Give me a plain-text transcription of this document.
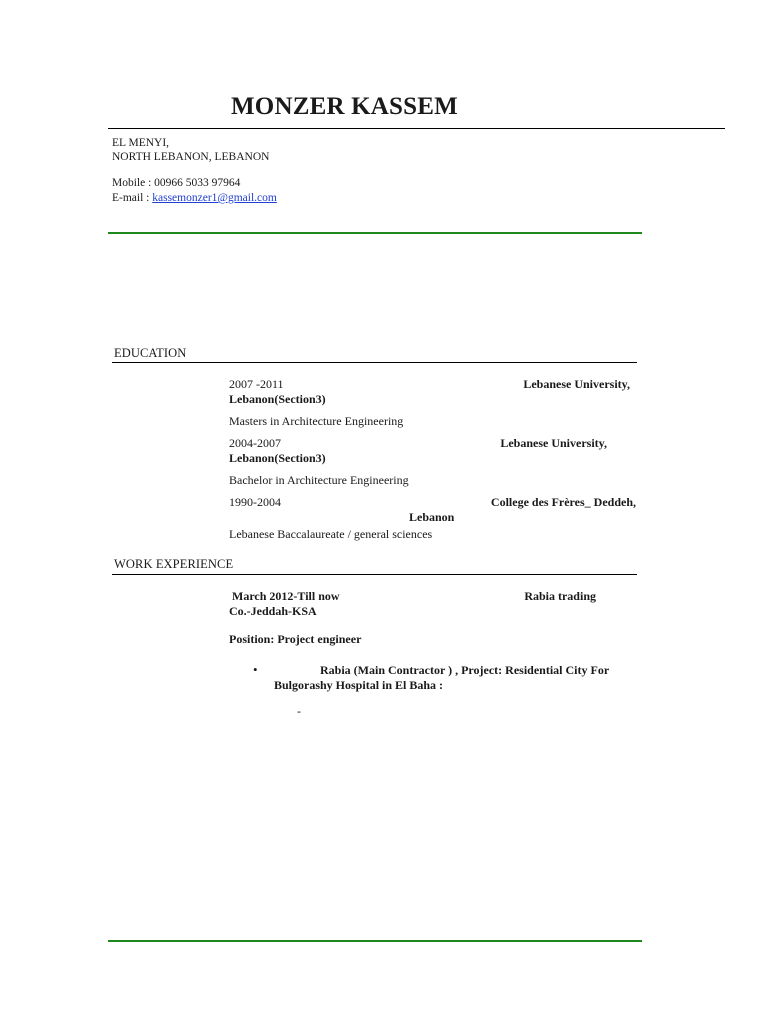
MONZER KASSEM
EL MENYI,
NORTH LEBANON, LEBANON
Mobile : 00966 5033 97964
E-mail : kassemonzer1@gmail.com
EDUCATION
2007 -2011	Lebanese University,
Lebanon(Section3)
Masters in Architecture Engineering
2004-2007	Lebanese University,
Lebanon(Section3)
Bachelor in Architecture Engineering
1990-2004	College des Frères_ Deddeh,
Lebanon
Lebanese Baccalaureate / general sciences
WORK EXPERIENCE
March 2012-Till now	Rabia trading
Co.-Jeddah-KSA
Position: Project engineer
•	Rabia (Main Contractor ) , Project: Residential City For
Bulgorashy Hospital in El Baha :
-
